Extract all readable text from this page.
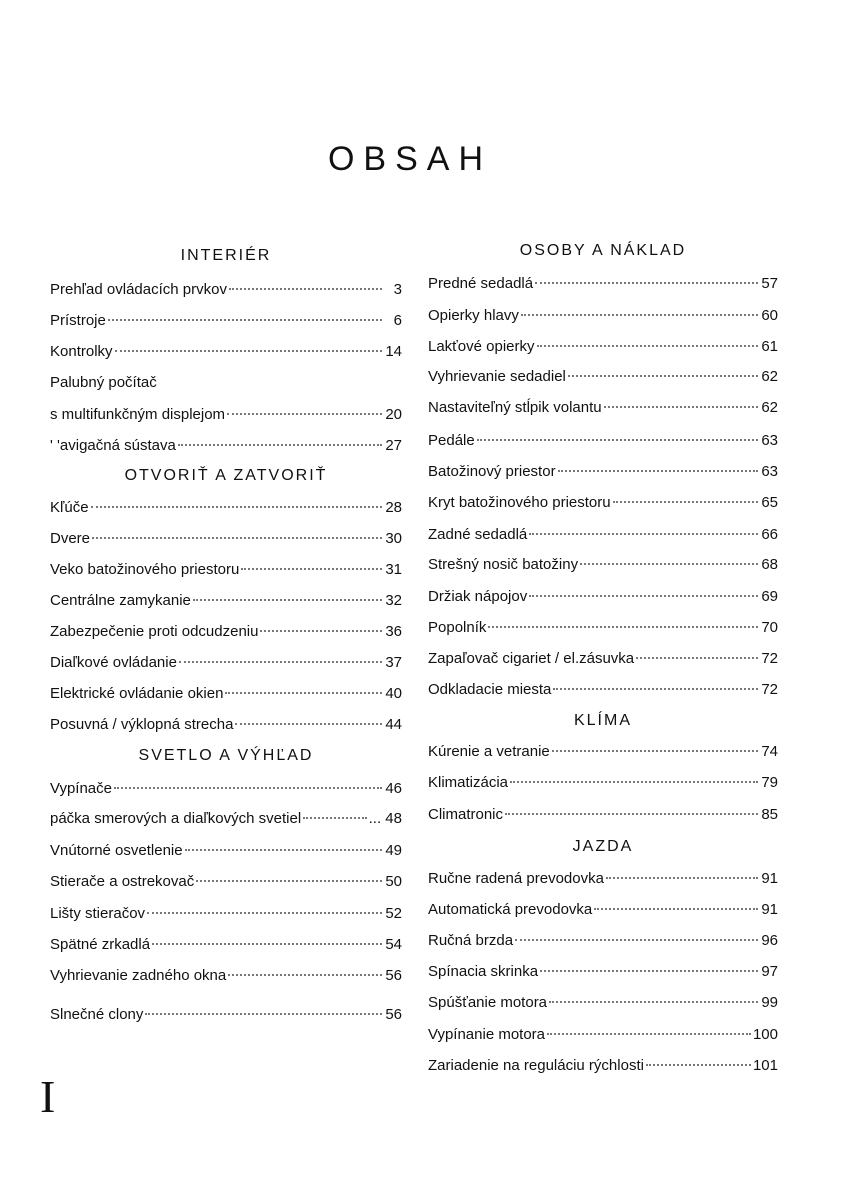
OBSAH
INTERIÉR
Prehľad ovládacích prvkov	3
Prístroje	6
Kontrolky	14
Palubný počítač
s multifunkčným displejom	20
' 'avigačná sústava	27
OTVORIŤ A ZATVORIŤ
Kľúče	28
Dvere	30
Veko batožinového priestoru	31
Centrálne zamykanie	32
Zabezpečenie proti odcudzeniu	36
Diaľkové ovládanie	37
Elektrické ovládanie okien	40
Posuvná / výklopná strecha	44
SVETLO A VÝHĽAD
Vypínače	46
páčka smerových a diaľkových svetiel	... 48
Vnútorné osvetlenie	49
Stierače a ostrekovač	50
Lišty stieračov	52
Spätné zrkadlá	54
Vyhrievanie zadného okna	56
Slnečné clony	56
OSOBY A NÁKLAD
Predné sedadlá	57
Opierky hlavy	60
Lakťové opierky	61
Vyhrievanie sedadiel	62
Nastaviteľný stĺpik volantu	62
Pedále	63
Batožinový priestor	63
Kryt batožinového priestoru	65
Zadné sedadlá	66
Strešný nosič batožiny	68
Držiak nápojov	69
Popolník	70
Zapaľovač cigariet / el.zásuvka	72
Odkladacie miesta	72
KLÍMA
Kúrenie a vetranie	74
Klimatizácia	79
Climatronic	85
JAZDA
Ručne radená prevodovka	91
Automatická prevodovka	91
Ručná brzda	96
Spínacia skrinka	97
Spúšťanie motora	99
Vypínanie motora	100
Zariadenie na reguláciu rýchlosti	101
I
